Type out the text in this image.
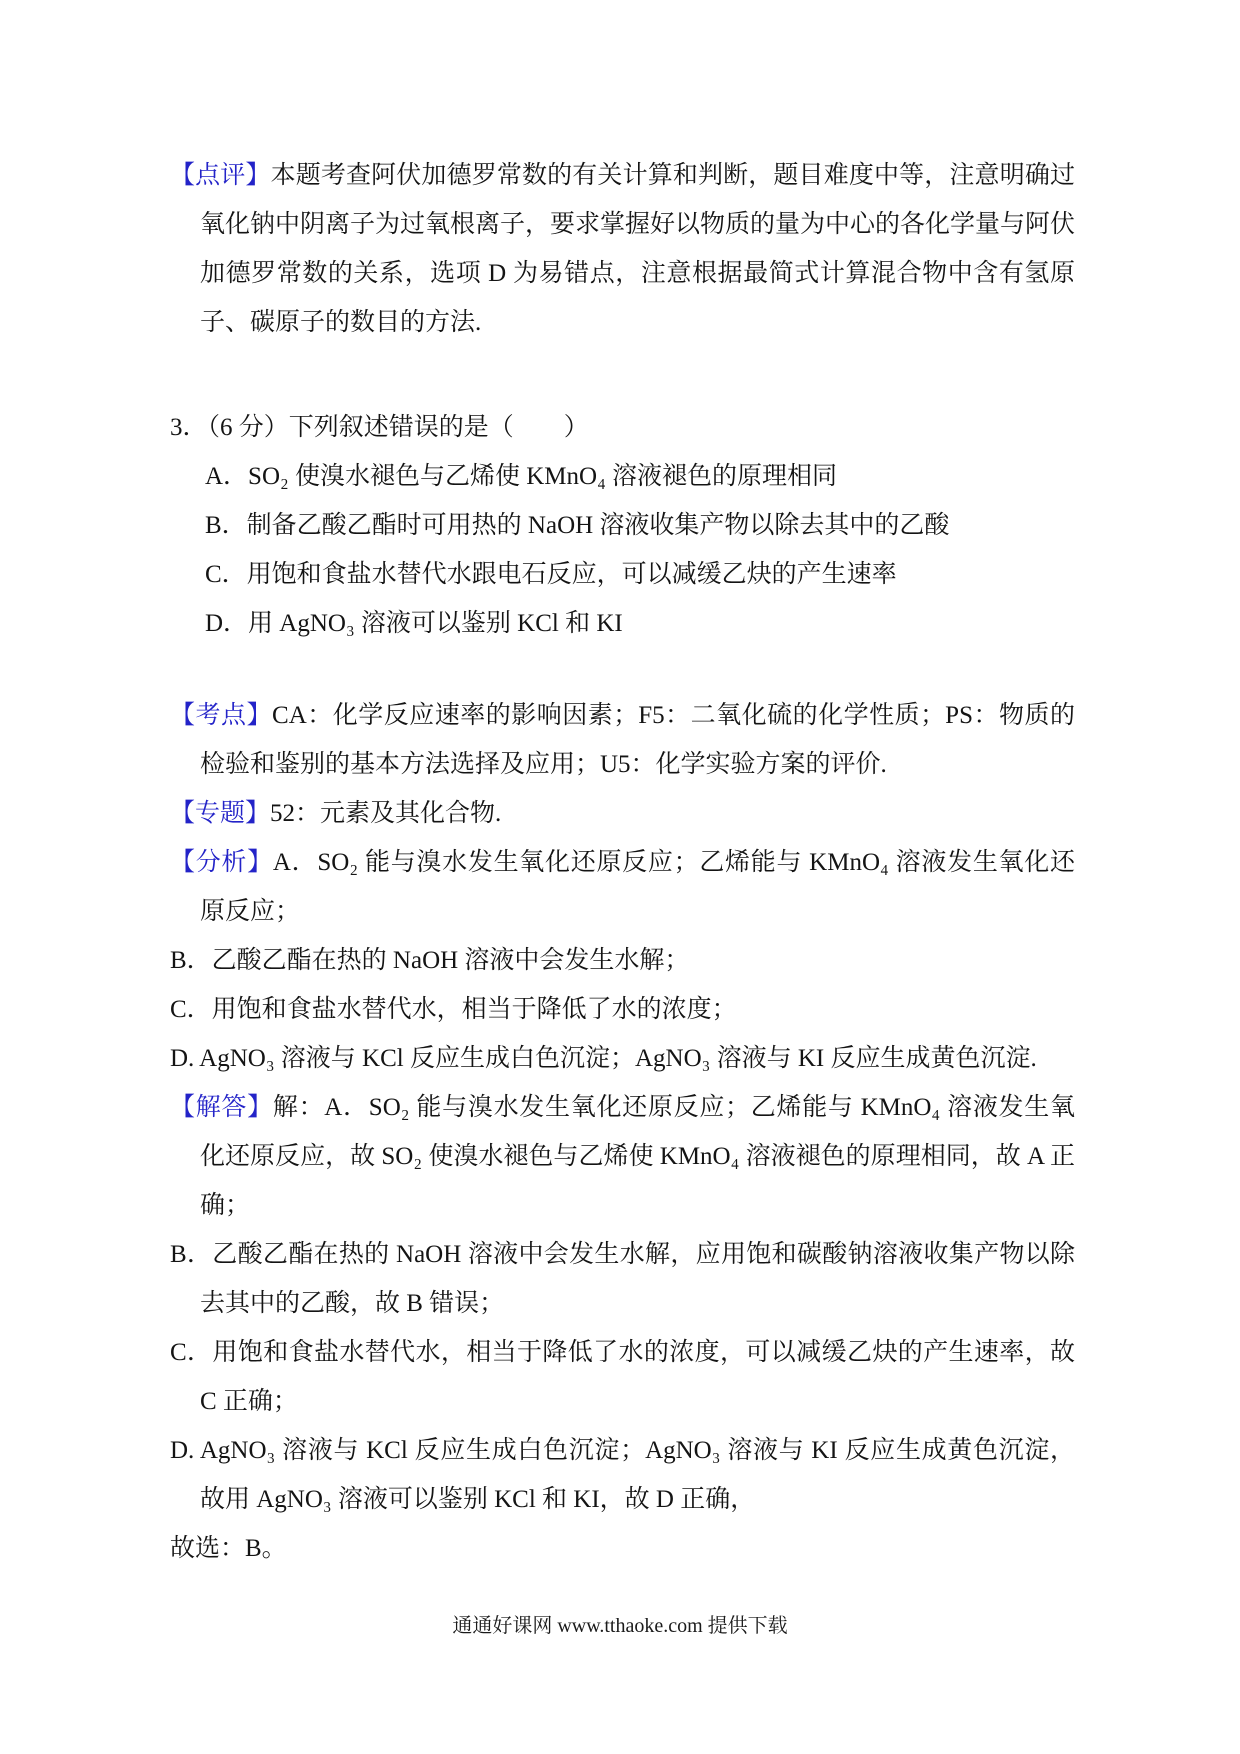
【点评】本题考查阿伏加德罗常数的有关计算和判断，题目难度中等，注意明确过氧化钠中阴离子为过氧根离子，要求掌握好以物质的量为中心的各化学量与阿伏加德罗常数的关系，选项 D 为易错点，注意根据最简式计算混合物中含有氢原子、碳原子的数目的方法.

3．（6 分）下列叙述错误的是（　　）

A．SO₂ 使溴水褪色与乙烯使 KMnO₄ 溶液褪色的原理相同

B．制备乙酸乙酯时可用热的 NaOH 溶液收集产物以除去其中的乙酸

C．用饱和食盐水替代水跟电石反应，可以减缓乙炔的产生速率

D．用 AgNO₃ 溶液可以鉴别 KCl 和 KI

【考点】CA：化学反应速率的影响因素；F5：二氧化硫的化学性质；PS：物质的检验和鉴别的基本方法选择及应用；U5：化学实验方案的评价.

【专题】52：元素及其化合物.

【分析】A．SO₂ 能与溴水发生氧化还原反应；乙烯能与 KMnO₄ 溶液发生氧化还原反应；

B．乙酸乙酯在热的 NaOH 溶液中会发生水解；

C．用饱和食盐水替代水，相当于降低了水的浓度；

D. AgNO₃ 溶液与 KCl 反应生成白色沉淀；AgNO₃ 溶液与 KI 反应生成黄色沉淀.

【解答】解：A．SO₂ 能与溴水发生氧化还原反应；乙烯能与 KMnO₄ 溶液发生氧化还原反应，故 SO₂ 使溴水褪色与乙烯使 KMnO₄ 溶液褪色的原理相同，故 A 正确；

B．乙酸乙酯在热的 NaOH 溶液中会发生水解，应用饱和碳酸钠溶液收集产物以除去其中的乙酸，故 B 错误；

C．用饱和食盐水替代水，相当于降低了水的浓度，可以减缓乙炔的产生速率，故 C 正确；

D. AgNO₃ 溶液与 KCl 反应生成白色沉淀；AgNO₃ 溶液与 KI 反应生成黄色沉淀，故用 AgNO₃ 溶液可以鉴别 KCl 和 KI，故 D 正确，

故选：B。

通通好课网 www.tthaoke.com 提供下载
